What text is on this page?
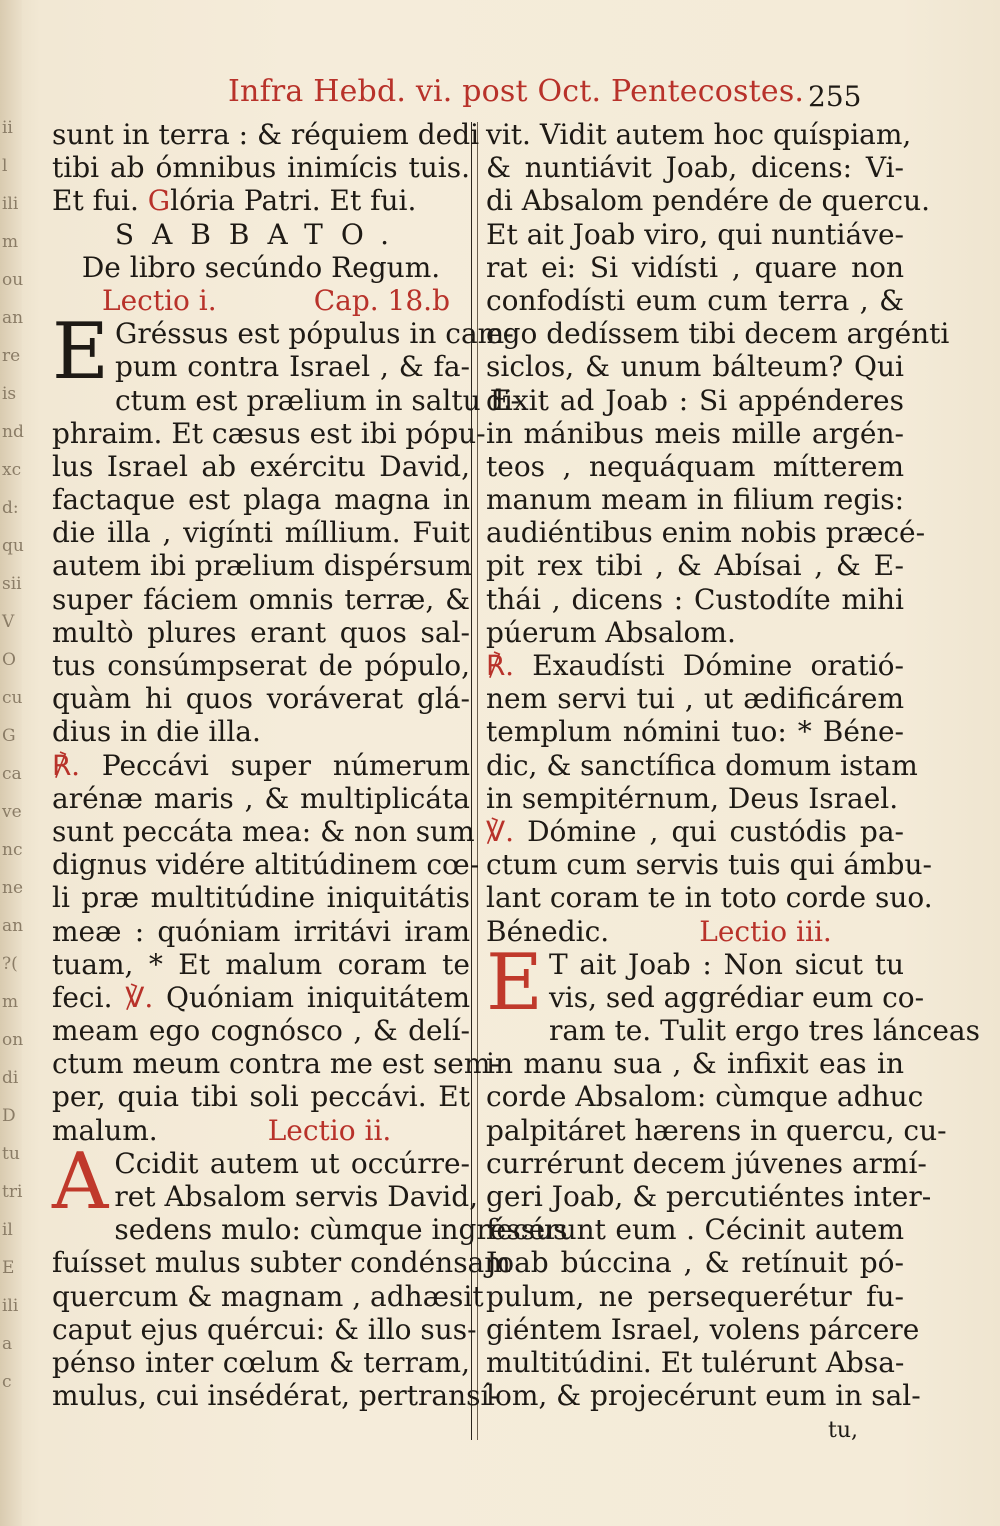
ii
l
ili
m
ou
an
re
is
nd
xc
d:
qu
sii
V
O
cu
G
ca
ve
nc
ne
an
?(
m
on
di
D
tu
tri
il
E
ili
a
c
Infra Hebd. vi. post Oct. Pentecostes. 255
sunt in terra : & réquiem dedi
tibi ab ómnibus inimícis tuis.
Et fui. Glória Patri. Et fui.
SABBATO.
De libro secúndo Regum.
Lectio i.	Cap. 18.b
E Gréssus est pópulus in cam-
pum contra Israel , & fa-
ctum est prælium in saltu E-
phraim. Et cæsus est ibi pópu-
lus Israel ab exércitu David,
factaque est plaga magna in
die illa , vigínti míllium. Fuit
autem ibi prælium dispérsum
super fáciem omnis terræ, &
multò plures erant quos sal-
tus consúmpserat de pópulo,
quàm hi quos voráverat glá-
dius in die illa.
℟. Peccávi super númerum
arénæ maris , & multiplicáta
sunt peccáta mea: & non sum
dignus vidére altitúdinem cœ-
li præ multitúdine iniquitátis
meæ : quóniam irritávi iram
tuam, * Et malum coram te
feci. ℣. Quóniam iniquitátem
meam ego cognósco , & delí-
ctum meum contra me est sem-
per, quia tibi soli peccávi. Et
malum.	Lectio ii.
A Ccidit autem ut occúrre-
ret Absalom servis David,
sedens mulo: cùmque ingréssus
fuísset mulus subter condénsam
quercum & magnam , adhæsit
caput ejus quércui: & illo sus-
pénso inter cœlum & terram,
mulus, cui insédérat, pertransí-
vit. Vidit autem hoc quíspiam,
& nuntiávit Joab, dicens: Vi-
di Absalom pendére de quercu.
Et ait Joab viro, qui nuntiáve-
rat ei: Si vidísti , quare non
confodísti eum cum terra , &
ego dedíssem tibi decem argénti
siclos, & unum bálteum? Qui
dixit ad Joab : Si appénderes
in mánibus meis mille argén-
teos , nequáquam mítterem
manum meam in filium regis:
audiéntibus enim nobis præcé-
pit rex tibi , & Abísai , & E-
thái , dicens : Custodíte mihi
púerum Absalom.
℟. Exaudísti Dómine oratió-
nem servi tui , ut ædificárem
templum nómini tuo: * Béne-
dic, & sanctífica domum istam
in sempitérnum, Deus Israel.
℣. Dómine , qui custódis pa-
ctum cum servis tuis qui ámbu-
lant coram te in toto corde suo.
Bénedic.	Lectio iii.
E T ait Joab : Non sicut tu
vis, sed aggrédiar eum co-
ram te. Tulit ergo tres lánceas
in manu sua , & infixit eas in
corde Absalom: cùmque adhuc
palpitáret hærens in quercu, cu-
currérunt decem júvenes armí-
geri Joab, & percutiéntes inter-
fecérunt eum . Cécinit autem
Joab búccina , & retínuit pó-
pulum, ne persequerétur fu-
giéntem Israel, volens párcere
multitúdini. Et tulérunt Absa-
lom, & projecérunt eum in sal-
tu,
